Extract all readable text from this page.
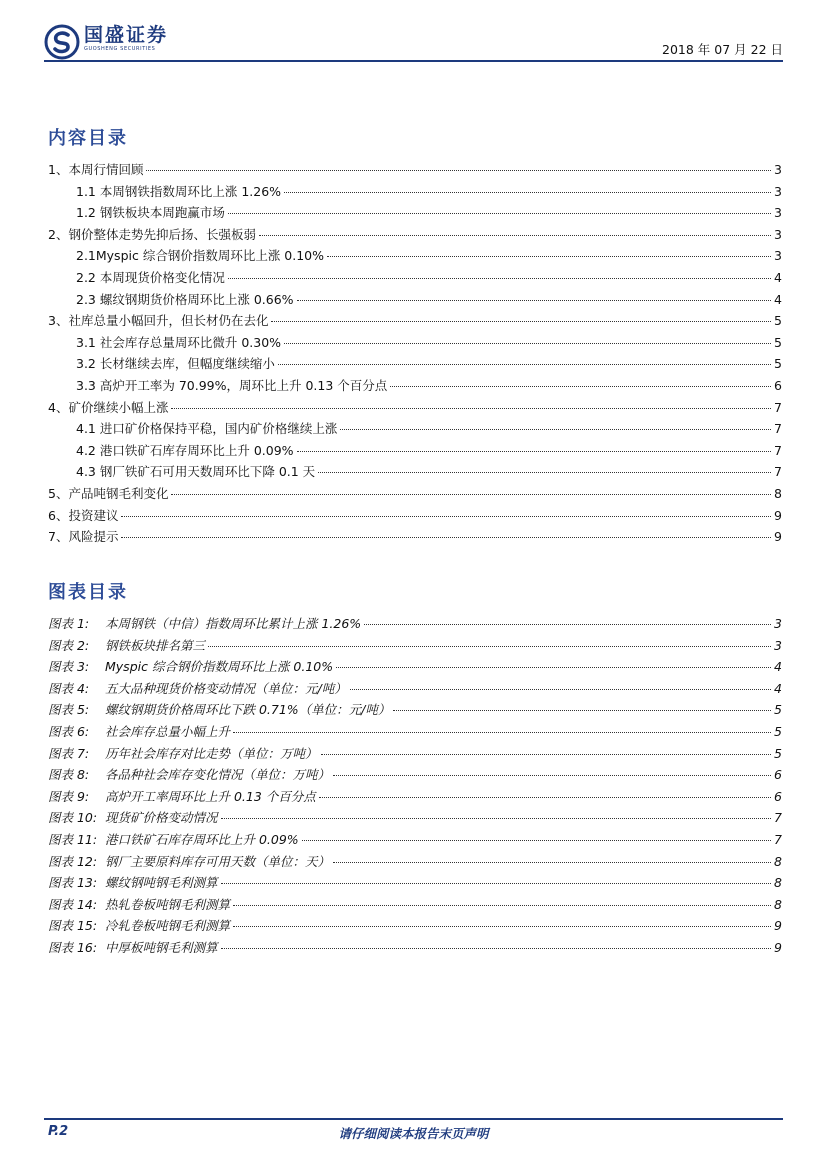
国盛证券
GUOSHENG SECURITIES	2018 年 07 月 22 日
内容目录
1、本周行情回顾	3
1.1 本周钢铁指数周环比上涨 1.26%	3
1.2 钢铁板块本周跑赢市场	3
2、钢价整体走势先抑后扬、长强板弱	3
2.1Myspic 综合钢价指数周环比上涨 0.10%	3
2.2 本周现货价格变化情况	4
2.3 螺纹钢期货价格周环比上涨 0.66%	4
3、社库总量小幅回升，但长材仍在去化	5
3.1 社会库存总量周环比微升 0.30%	5
3.2 长材继续去库，但幅度继续缩小	5
3.3 高炉开工率为 70.99%，周环比上升 0.13 个百分点	6
4、矿价继续小幅上涨	7
4.1 进口矿价格保持平稳，国内矿价格继续上涨	7
4.2 港口铁矿石库存周环比上升 0.09%	7
4.3 钢厂铁矿石可用天数周环比下降 0.1 天	7
5、产品吨钢毛利变化	8
6、投资建议	9
7、风险提示	9
图表目录
图表 1:	本周钢铁（中信）指数周环比累计上涨 1.26%	3
图表 2:	钢铁板块排名第三	3
图表 3:	Myspic 综合钢价指数周环比上涨 0.10%	4
图表 4:	五大品种现货价格变动情况（单位：元/吨）	4
图表 5:	螺纹钢期货价格周环比下跌 0.71%（单位：元/吨）	5
图表 6:	社会库存总量小幅上升	5
图表 7:	历年社会库存对比走势（单位：万吨）	5
图表 8:	各品种社会库存变化情况（单位：万吨）	6
图表 9:	高炉开工率周环比上升 0.13 个百分点	6
图表 10: 现货矿价格变动情况	7
图表 11: 港口铁矿石库存周环比上升 0.09%	7
图表 12: 钢厂主要原料库存可用天数（单位：天）	8
图表 13: 螺纹钢吨钢毛利测算	8
图表 14: 热轧卷板吨钢毛利测算	8
图表 15: 冷轧卷板吨钢毛利测算	9
图表 16: 中厚板吨钢毛利测算	9
P.2	请仔细阅读本报告末页声明
